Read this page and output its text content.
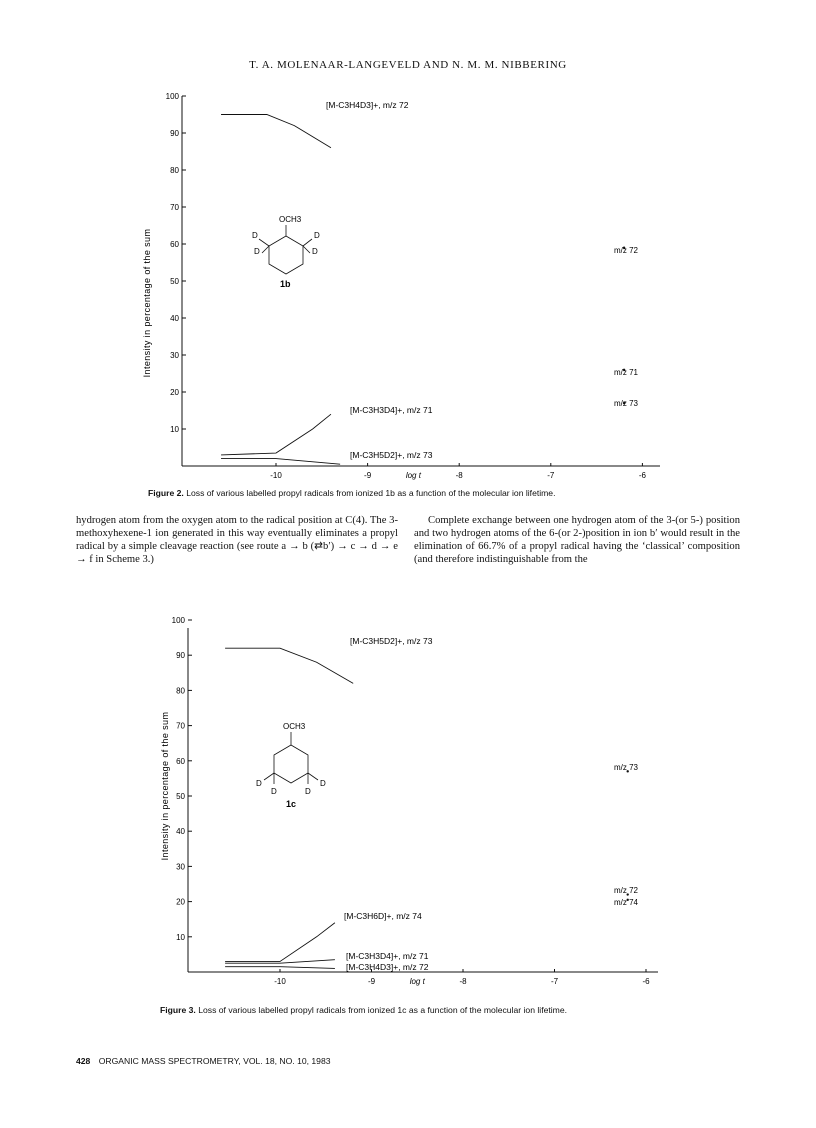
T. A. MOLENAAR-LANGEVELD AND N. M. M. NIBBERING
Intensity in percentage of the sum
100
90
80
70
60
50
40
30
20
10
-10	-9	log t	-8	-7	-6
[M-C3H4D3]+, m/z 72
[M-C3H3D4]+, m/z 71
[M-C3H5D2]+, m/z 73
m/z 72
m/z 71
m/z 73
OCH3
D
D
D
D
1b
Figure 2. Loss of various labelled propyl radicals from ionized 1b as a function of the molecular ion lifetime.

hydrogen atom from the oxygen atom to the radical position at C(4). The 3-methoxyhexene-1 ion generated in this way eventually eliminates a propyl radical by a simple cleavage reaction (see route a → b (⇄b′) → c → d → e → f in Scheme 3.)

Complete exchange between one hydrogen atom of the 3-(or 5-) position and two hydrogen atoms of the 6-(or 2-)position in ion b′ would result in the elimination of 66.7% of a propyl radical having the ‘classical’ composition (and therefore indistinguishable from the

Intensity in percentage of the sum
100
90
80
70
60
50
40
30
20
10
-10	-9	log t	-8	-7	-6
[M-C3H5D2]+, m/z 73
[M-C3H6D]+, m/z 74
[M-C3H3D4]+, m/z 71
[M-C3H4D3]+, m/z 72
m/z 73
m/z 72
m/z 74
OCH3
D
D	D
D
1c
Figure 3. Loss of various labelled propyl radicals from ionized 1c as a function of the molecular ion lifetime.
428 ORGANIC MASS SPECTROMETRY, VOL. 18, NO. 10, 1983
